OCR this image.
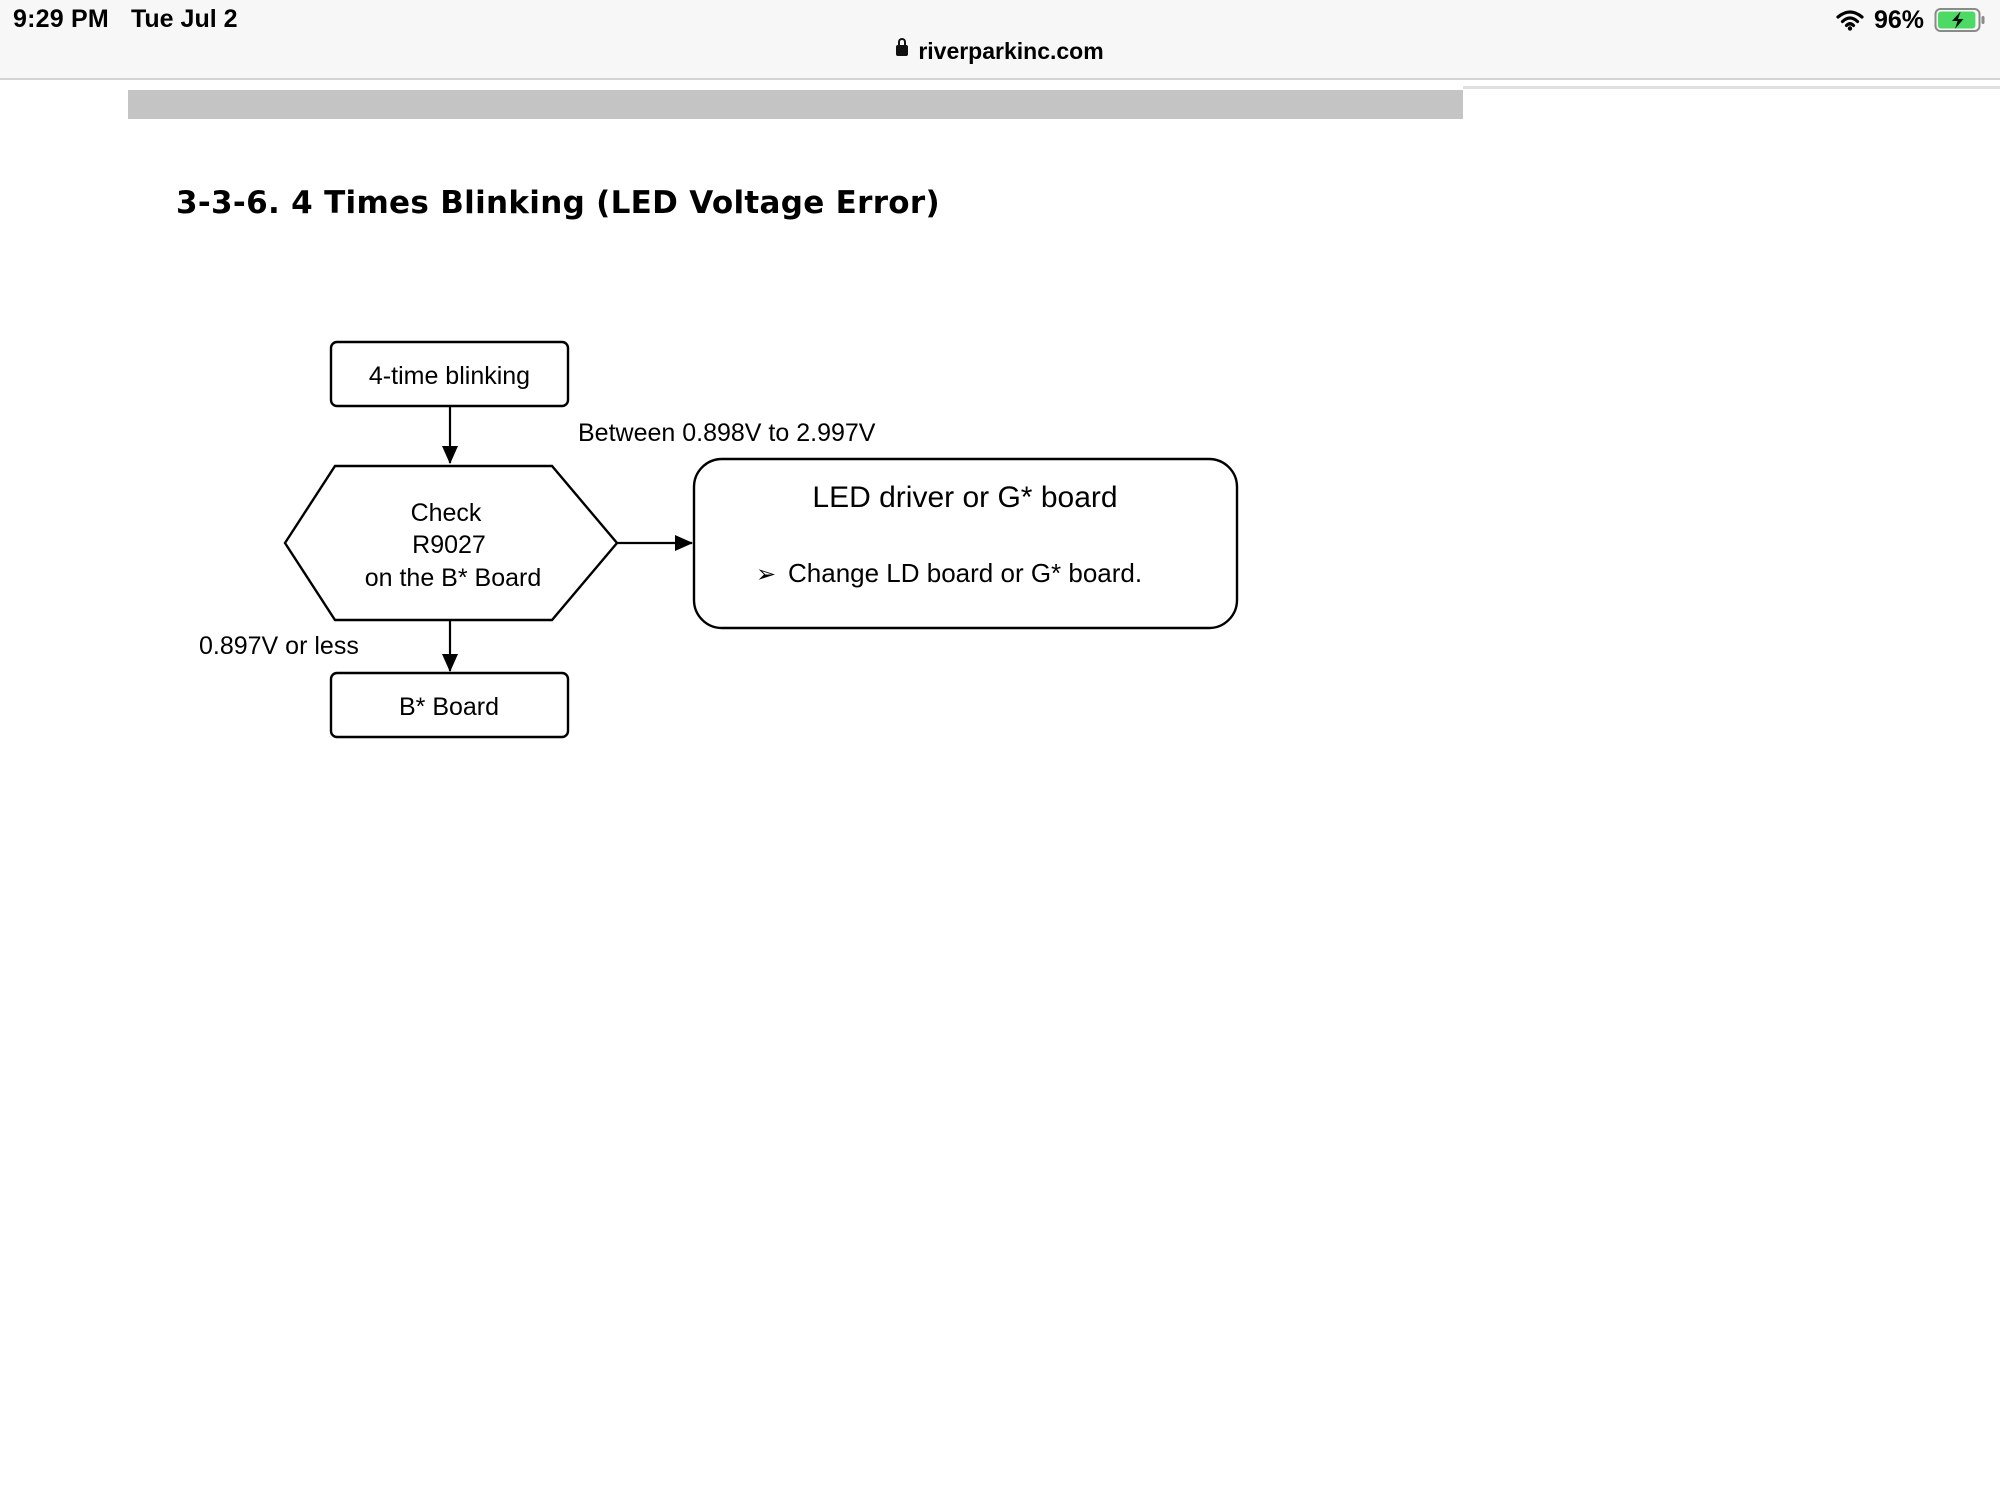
9:29 PM Tue Jul 2
riverparkinc.com
96%
3-3-6. 4 Times Blinking (LED Voltage Error)
4-time blinking
Check
R9027
on the B* Board
Between 0.898V to 2.997V
LED driver or G* board
➢ Change LD board or G* board.
0.897V or less
B* Board
